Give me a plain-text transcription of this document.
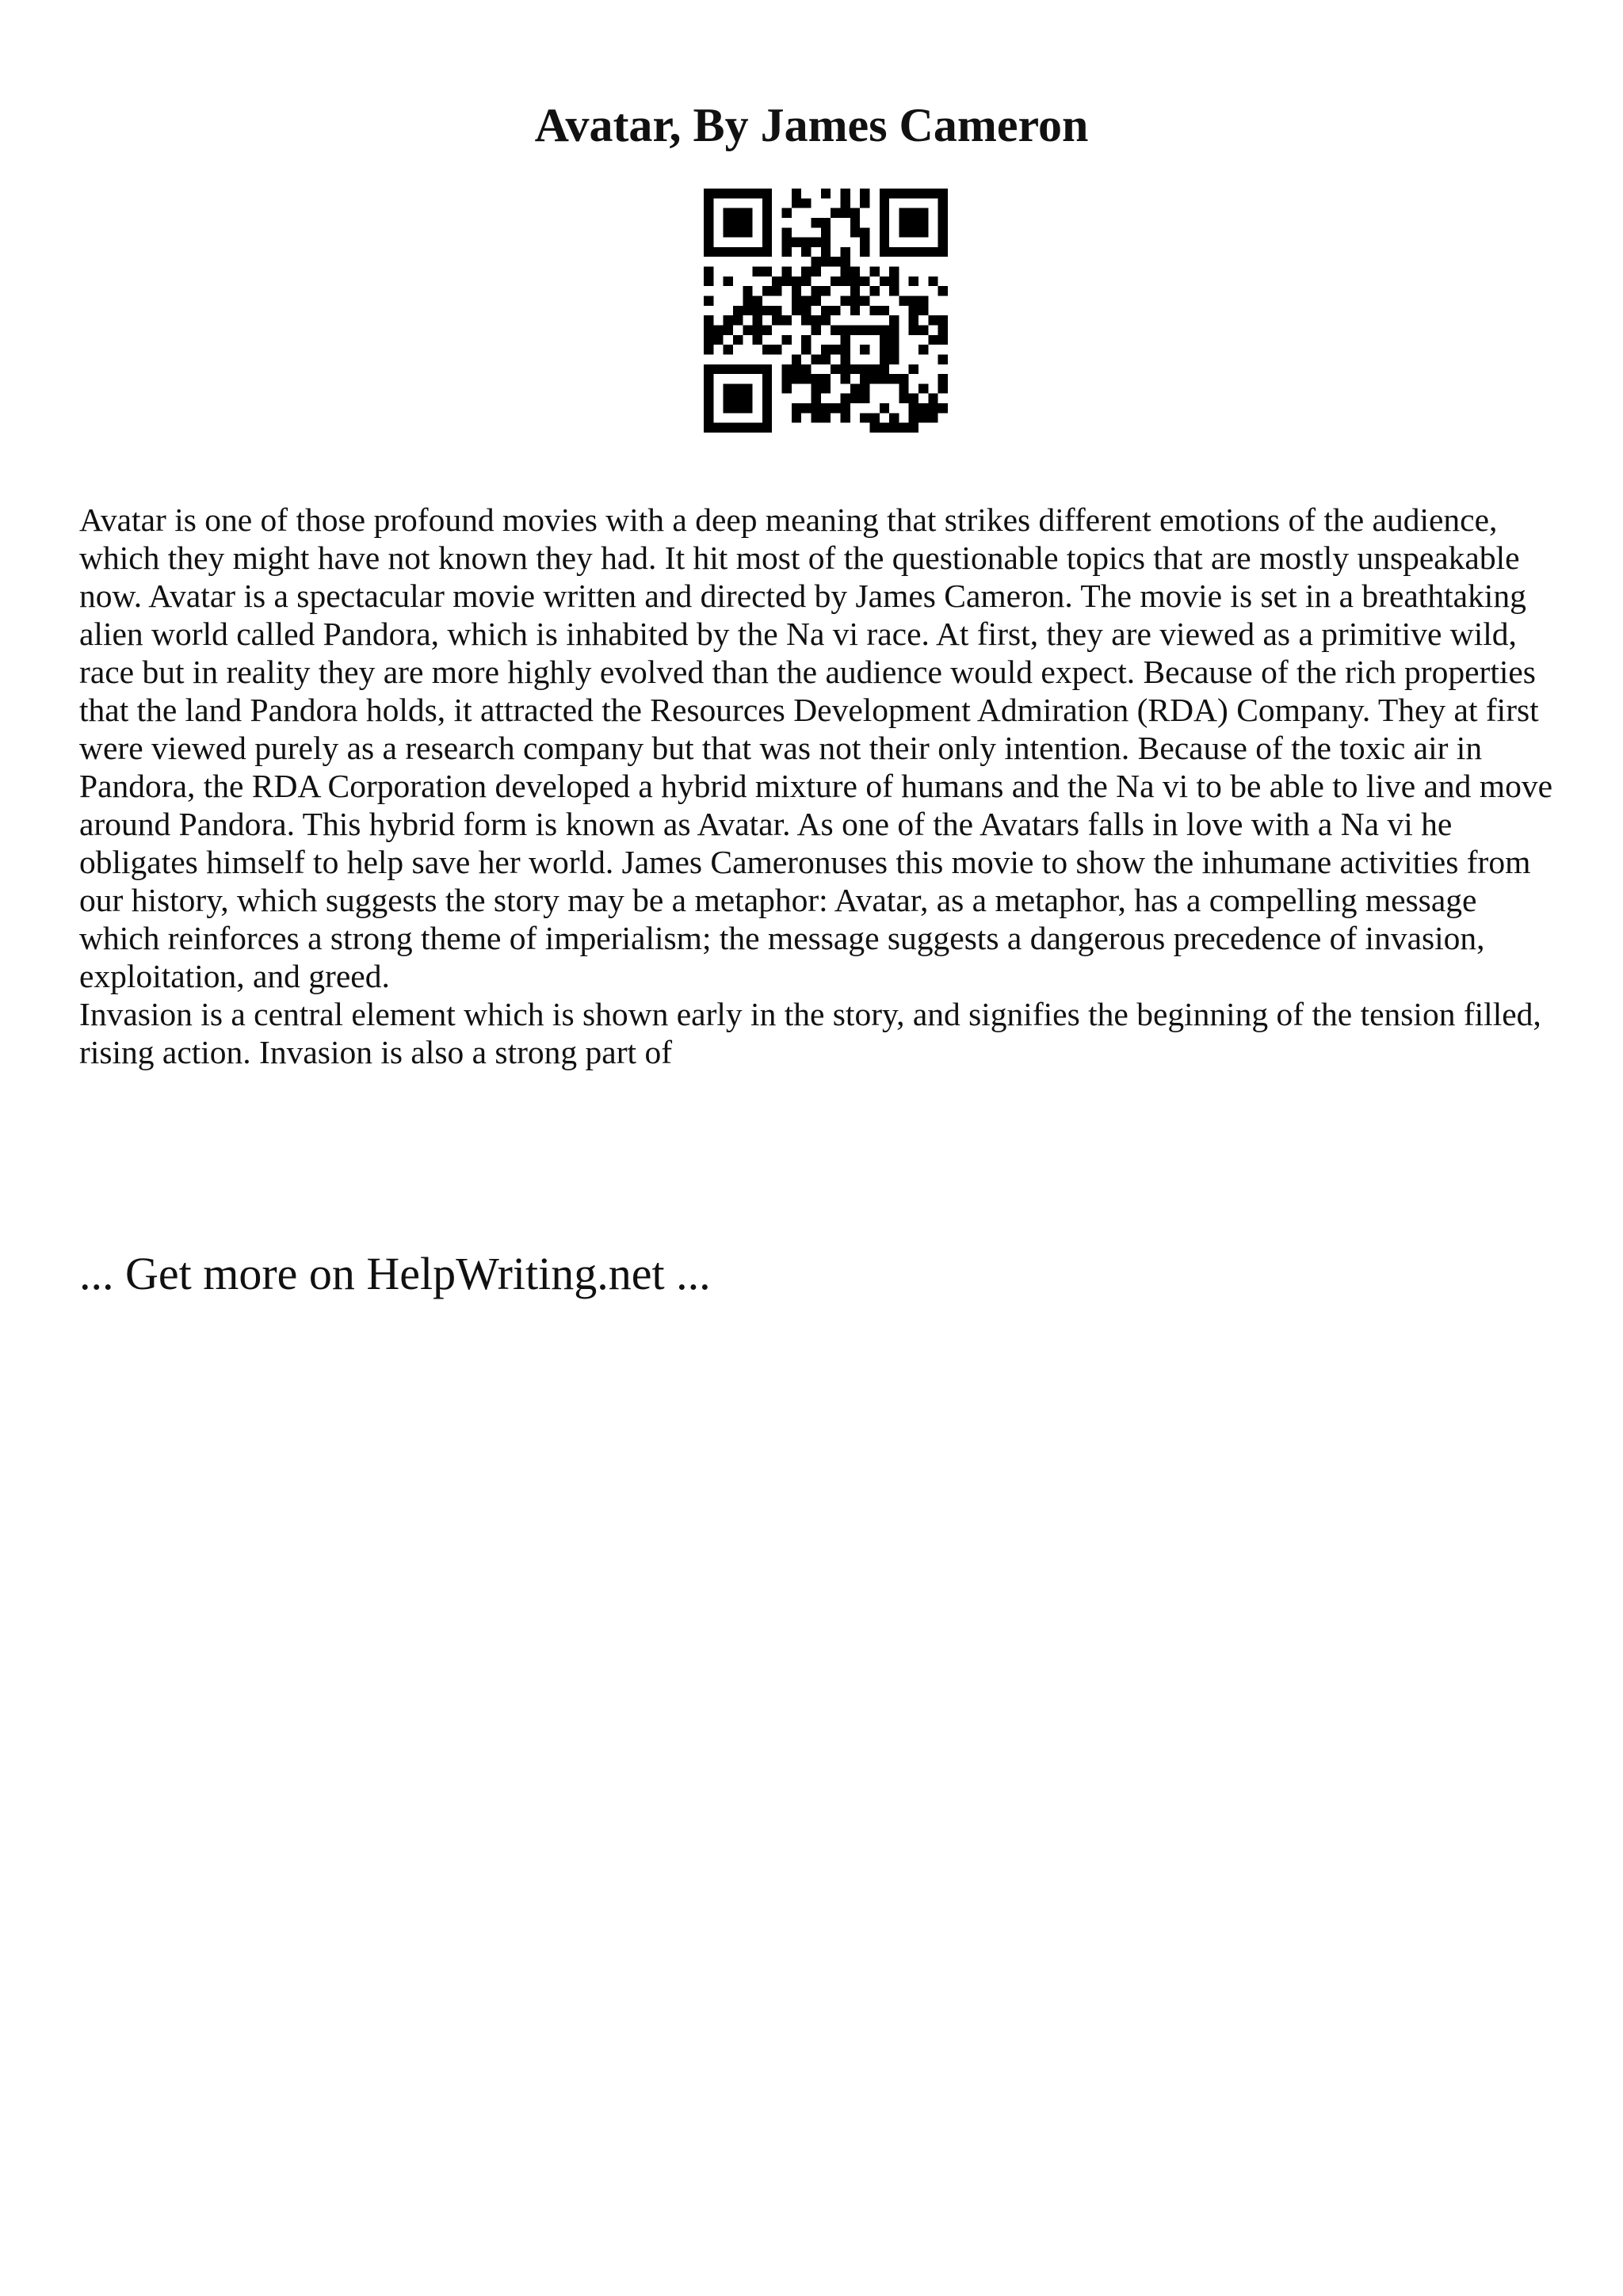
Avatar, By James Cameron

Avatar is one of those profound movies with a deep meaning that strikes different emotions of the audience, which they might have not known they had. It hit most of the questionable topics that are mostly unspeakable now. Avatar is a spectacular movie written and directed by James Cameron. The movie is set in a breathtaking alien world called Pandora, which is inhabited by the Na vi race. At first, they are viewed as a primitive wild, race but in reality they are more highly evolved than the audience would expect. Because of the rich properties that the land Pandora holds, it attracted the Resources Development Admiration (RDA) Company. They at first were viewed purely as a research company but that was not their only intention. Because of the toxic air in Pandora, the RDA Corporation developed a hybrid mixture of humans and the Na vi to be able to live and move around Pandora. This hybrid form is known as Avatar. As one of the Avatars falls in love with a Na vi he obligates himself to help save her world. James Cameronuses this movie to show the inhumane activities from our history, which suggests the story may be a metaphor: Avatar, as a metaphor, has a compelling message which reinforces a strong theme of imperialism; the message suggests a dangerous precedence of invasion, exploitation, and greed.

Invasion is a central element which is shown early in the story, and signifies the beginning of the tension filled, rising action. Invasion is also a strong part of

... Get more on HelpWriting.net ...
